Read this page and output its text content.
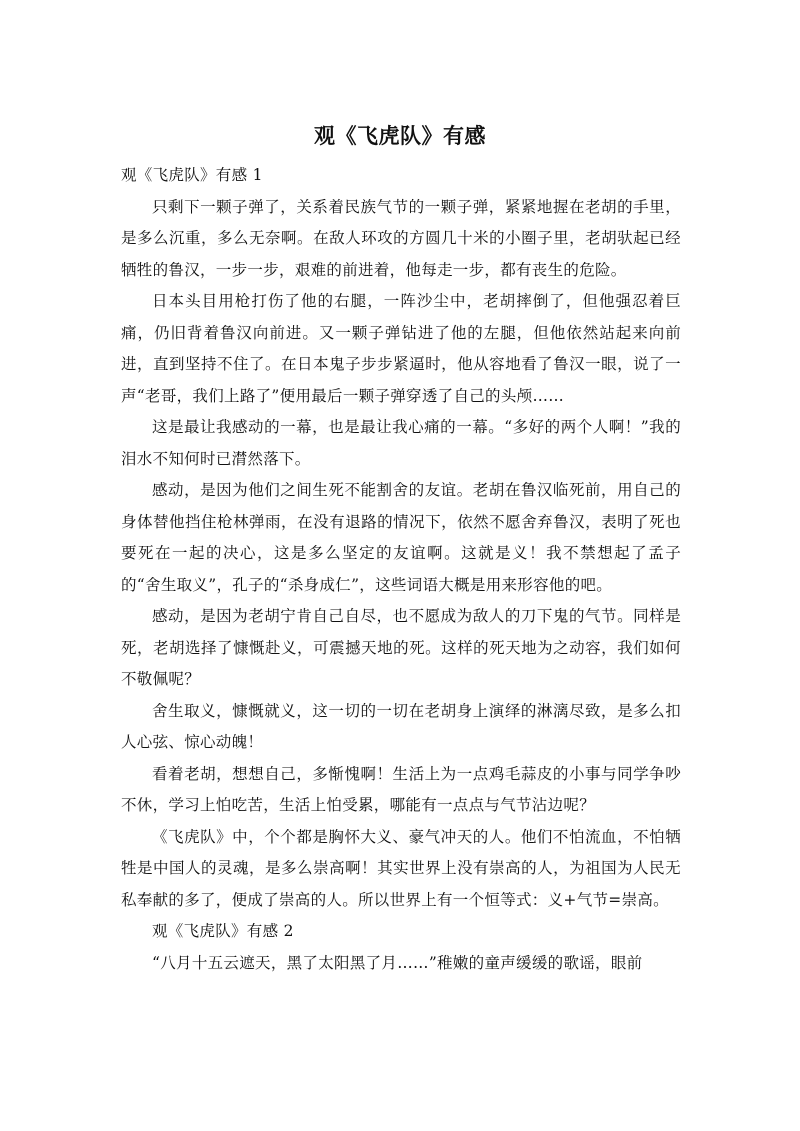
观《飞虎队》有感

观《飞虎队》有感 1

只剩下一颗子弹了，关系着民族气节的一颗子弹，紧紧地握在老胡的手里，是多么沉重，多么无奈啊。在敌人环攻的方圆几十米的小圈子里，老胡驮起已经牺牲的鲁汉，一步一步，艰难的前进着，他每走一步，都有丧生的危险。

日本头目用枪打伤了他的右腿，一阵沙尘中，老胡摔倒了，但他强忍着巨痛，仍旧背着鲁汉向前进。又一颗子弹钻进了他的左腿，但他依然站起来向前进，直到坚持不住了。在日本鬼子步步紧逼时，他从容地看了鲁汉一眼，说了一声“老哥，我们上路了”便用最后一颗子弹穿透了自己的头颅……

这是最让我感动的一幕，也是最让我心痛的一幕。“多好的两个人啊！”我的泪水不知何时已潸然落下。

感动，是因为他们之间生死不能割舍的友谊。老胡在鲁汉临死前，用自己的身体替他挡住枪林弹雨，在没有退路的情况下，依然不愿舍弃鲁汉，表明了死也要死在一起的决心，这是多么坚定的友谊啊。这就是义！我不禁想起了孟子的“舍生取义”，孔子的“杀身成仁”，这些词语大概是用来形容他的吧。

感动，是因为老胡宁肯自己自尽，也不愿成为敌人的刀下鬼的气节。同样是死，老胡选择了慷慨赴义，可震撼天地的死。这样的死天地为之动容，我们如何不敬佩呢？

舍生取义，慷慨就义，这一切的一切在老胡身上演绎的淋漓尽致，是多么扣人心弦、惊心动魄！

看着老胡，想想自己，多惭愧啊！生活上为一点鸡毛蒜皮的小事与同学争吵不休，学习上怕吃苦，生活上怕受累，哪能有一点点与气节沾边呢？

《飞虎队》中，个个都是胸怀大义、豪气冲天的人。他们不怕流血，不怕牺牲是中国人的灵魂，是多么崇高啊！其实世界上没有崇高的人，为祖国为人民无私奉献的多了，便成了崇高的人。所以世界上有一个恒等式：义+气节=崇高。

观《飞虎队》有感 2

“八月十五云遮天，黑了太阳黑了月……”稚嫩的童声缓缓的歌谣，眼前
